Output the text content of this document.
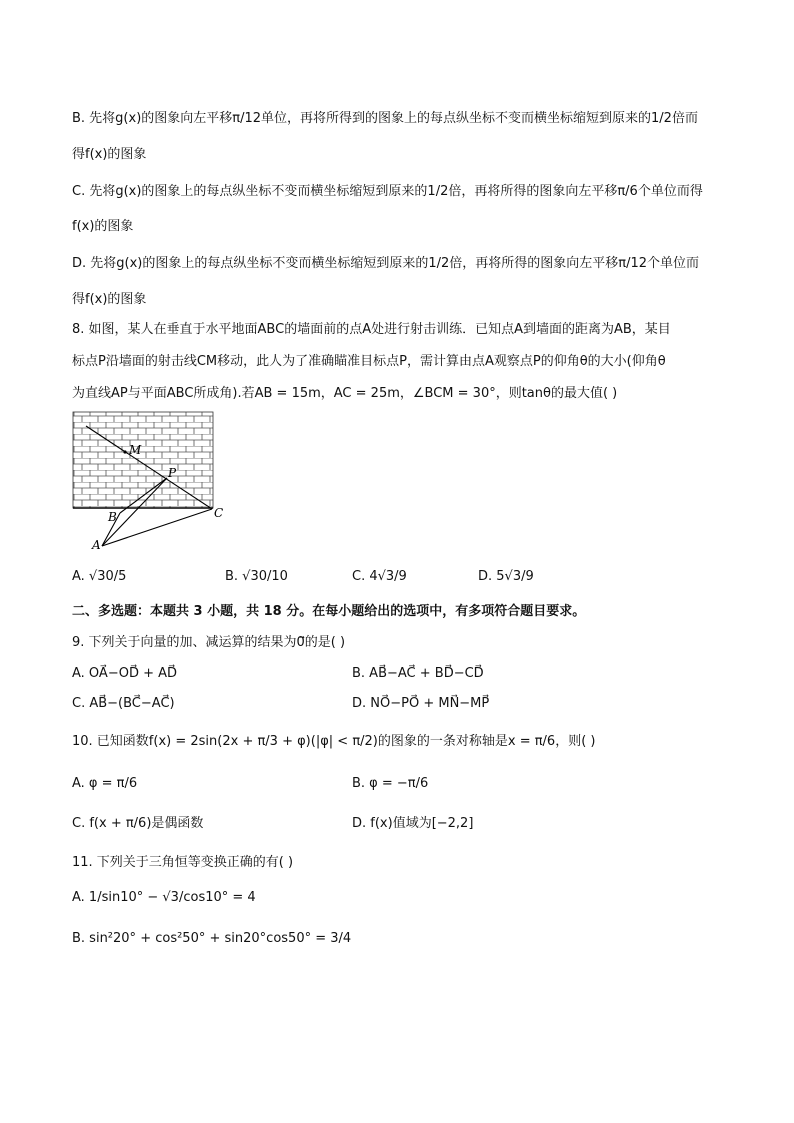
B. 先将g(x)的图象向左平移π/12单位，再将所得到的图象上的每点纵坐标不变而横坐标缩短到原来的1/2倍而
得f(x)的图象
C. 先将g(x)的图象上的每点纵坐标不变而横坐标缩短到原来的1/2倍，再将所得的图象向左平移π/6个单位而得
f(x)的图象
D. 先将g(x)的图象上的每点纵坐标不变而横坐标缩短到原来的1/2倍，再将所得的图象向左平移π/12个单位而
得f(x)的图象
8. 如图，某人在垂直于水平地面ABC的墙面前的点A处进行射击训练．已知点A到墙面的距离为AB，某目
标点P沿墙面的射击线CM移动，此人为了准确瞄准目标点P，需计算由点A观察点P的仰角θ的大小(仰角θ
为直线AP与平面ABC所成角).若AB = 15m，AC = 25m，∠BCM = 30°，则tanθ的最大值( )
M
P
B	C
A
A. √30/5	B. √30/10	C. 4√3/9	D. 5√3/9
二、多选题：本题共 3 小题，共 18 分。在每小题给出的选项中，有多项符合题目要求。
9. 下列关于向量的加、减运算的结果为0⃗的是( )
A. OA⃗−OD⃗ + AD⃗	B. AB⃗−AC⃗ + BD⃗−CD⃗
C. AB⃗−(BC⃗−AC⃗)	D. NO⃗−PO⃗ + MN⃗−MP⃗
10. 已知函数f(x) = 2sin(2x + π/3 + φ)(|φ| < π/2)的图象的一条对称轴是x = π/6，则( )
A. φ = π/6	B. φ = −π/6
C. f(x + π/6)是偶函数	D. f(x)值域为[−2,2]
11. 下列关于三角恒等变换正确的有( )
A. 1/sin10° − √3/cos10° = 4
B. sin²20° + cos²50° + sin20°cos50° = 3/4
